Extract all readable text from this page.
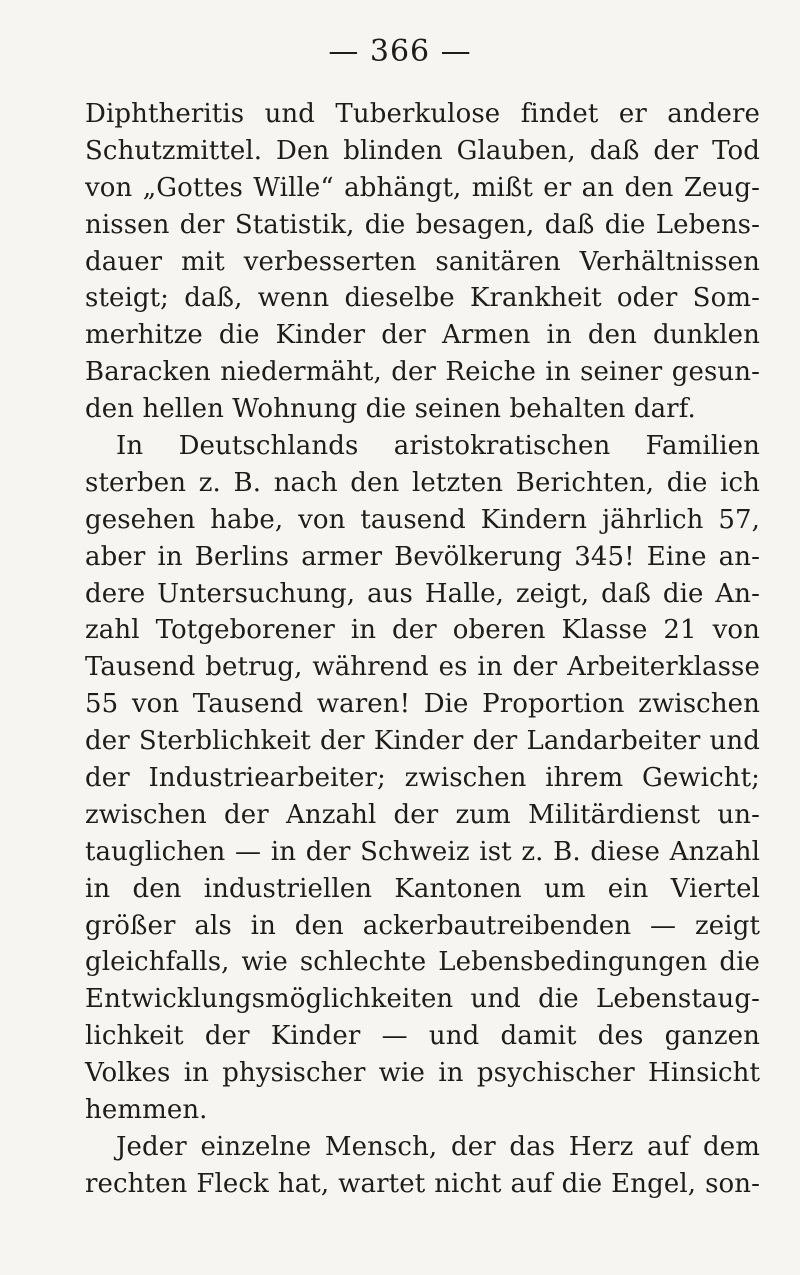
— 366 —
Diphtheritis und Tuberkulose findet er andere
Schutzmittel. Den blinden Glauben, daß der Tod
von „Gottes Wille“ abhängt, mißt er an den Zeug-
nissen der Statistik, die besagen, daß die Lebens-
dauer mit verbesserten sanitären Verhältnissen
steigt; daß, wenn dieselbe Krankheit oder Som-
merhitze die Kinder der Armen in den dunklen
Baracken niedermäht, der Reiche in seiner gesun-
den hellen Wohnung die seinen behalten darf.
In Deutschlands aristokratischen Familien
sterben z. B. nach den letzten Berichten, die ich
gesehen habe, von tausend Kindern jährlich 57,
aber in Berlins armer Bevölkerung 345! Eine an-
dere Untersuchung, aus Halle, zeigt, daß die An-
zahl Totgeborener in der oberen Klasse 21 von
Tausend betrug, während es in der Arbeiterklasse
55 von Tausend waren! Die Proportion zwischen
der Sterblichkeit der Kinder der Landarbeiter und
der Industriearbeiter; zwischen ihrem Gewicht;
zwischen der Anzahl der zum Militärdienst un-
tauglichen — in der Schweiz ist z. B. diese Anzahl
in den industriellen Kantonen um ein Viertel
größer als in den ackerbautreibenden — zeigt
gleichfalls, wie schlechte Lebensbedingungen die
Entwicklungsmöglichkeiten und die Lebenstaug-
lichkeit der Kinder — und damit des ganzen
Volkes in physischer wie in psychischer Hinsicht
hemmen.
Jeder einzelne Mensch, der das Herz auf dem
rechten Fleck hat, wartet nicht auf die Engel, son-
